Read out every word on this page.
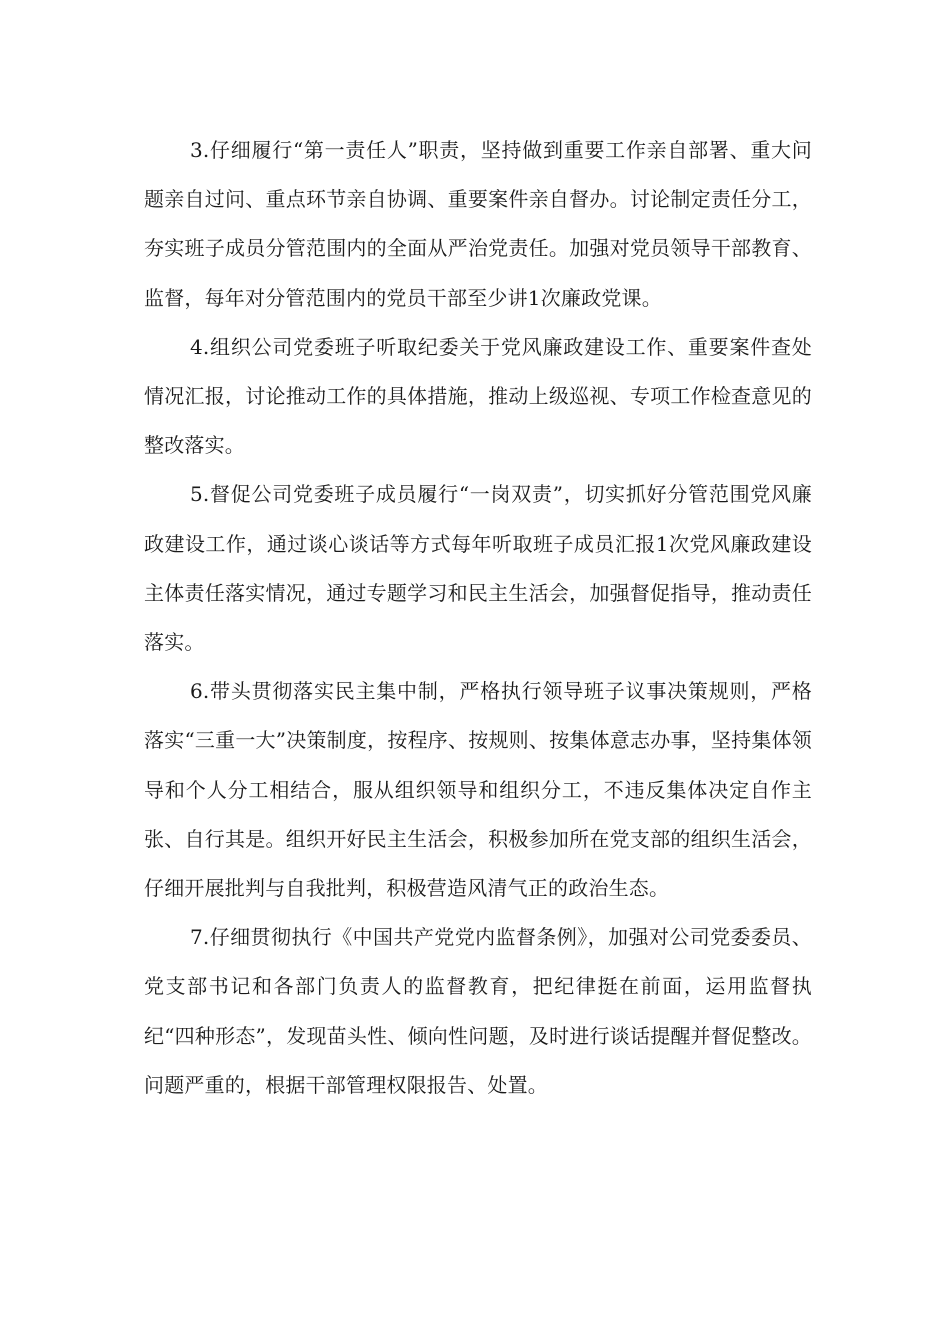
3.仔细履行“第一责任人”职责，坚持做到重要工作亲自部署、重大问题亲自过问、重点环节亲自协调、重要案件亲自督办。讨论制定责任分工，夯实班子成员分管范围内的全面从严治党责任。加强对党员领导干部教育、监督，每年对分管范围内的党员干部至少讲1次廉政党课。

4.组织公司党委班子听取纪委关于党风廉政建设工作、重要案件查处情况汇报，讨论推动工作的具体措施，推动上级巡视、专项工作检查意见的整改落实。

5.督促公司党委班子成员履行“一岗双责”，切实抓好分管范围党风廉政建设工作，通过谈心谈话等方式每年听取班子成员汇报1次党风廉政建设主体责任落实情况，通过专题学习和民主生活会，加强督促指导，推动责任落实。

6.带头贯彻落实民主集中制，严格执行领导班子议事决策规则，严格落实“三重一大”决策制度，按程序、按规则、按集体意志办事，坚持集体领导和个人分工相结合，服从组织领导和组织分工，不违反集体决定自作主张、自行其是。组织开好民主生活会，积极参加所在党支部的组织生活会，仔细开展批判与自我批判，积极营造风清气正的政治生态。

7.仔细贯彻执行《中国共产党党内监督条例》，加强对公司党委委员、党支部书记和各部门负责人的监督教育，把纪律挺在前面，运用监督执纪“四种形态”，发现苗头性、倾向性问题，及时进行谈话提醒并督促整改。问题严重的，根据干部管理权限报告、处置。
